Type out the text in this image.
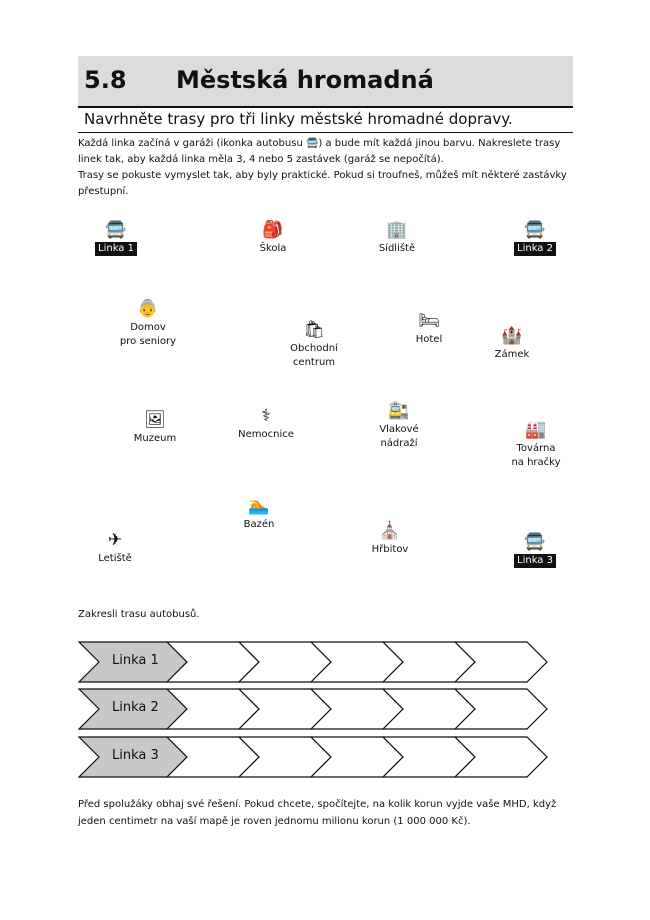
5.8 Městská hromadná
Navrhněte trasy pro tři linky městské hromadné dopravy.

Každá linka začíná v garáži (ikonka autobusu 🚍) a bude mít každá jinou barvu. Nakreslete trasy linek tak, aby každá linka měla 3, 4 nebo 5 zastávek (garáž se nepočítá).

Trasy se pokuste vymyslet tak, aby byly praktické. Pokud si troufneš, můžeš mít některé zastávky přestupní.

🚍
Linka 1
🎒
Škola
🏢
Sídliště
🚍
Linka 2
👵
Domov
pro seniory
🛍
Obchodní
centrum
🛏
Hotel	🏰
Zámek
🖼
Muzeum
⚕
Nemocnice
🚉
Vlakové
nádraží
🏭
Továrna
na hračky
🏊
Bazén
✈
Letiště
⛪
Hřbitov	🚍
Linka 3
Zakresli trasu autobusů.
Linka 1
Linka 2
Linka 3
Před spolužáky obhaj své řešení. Pokud chcete, spočítejte, na kolik korun vyjde vaše MHD, když jeden centimetr na vaší mapě je roven jednomu milionu korun (1 000 000 Kč).
